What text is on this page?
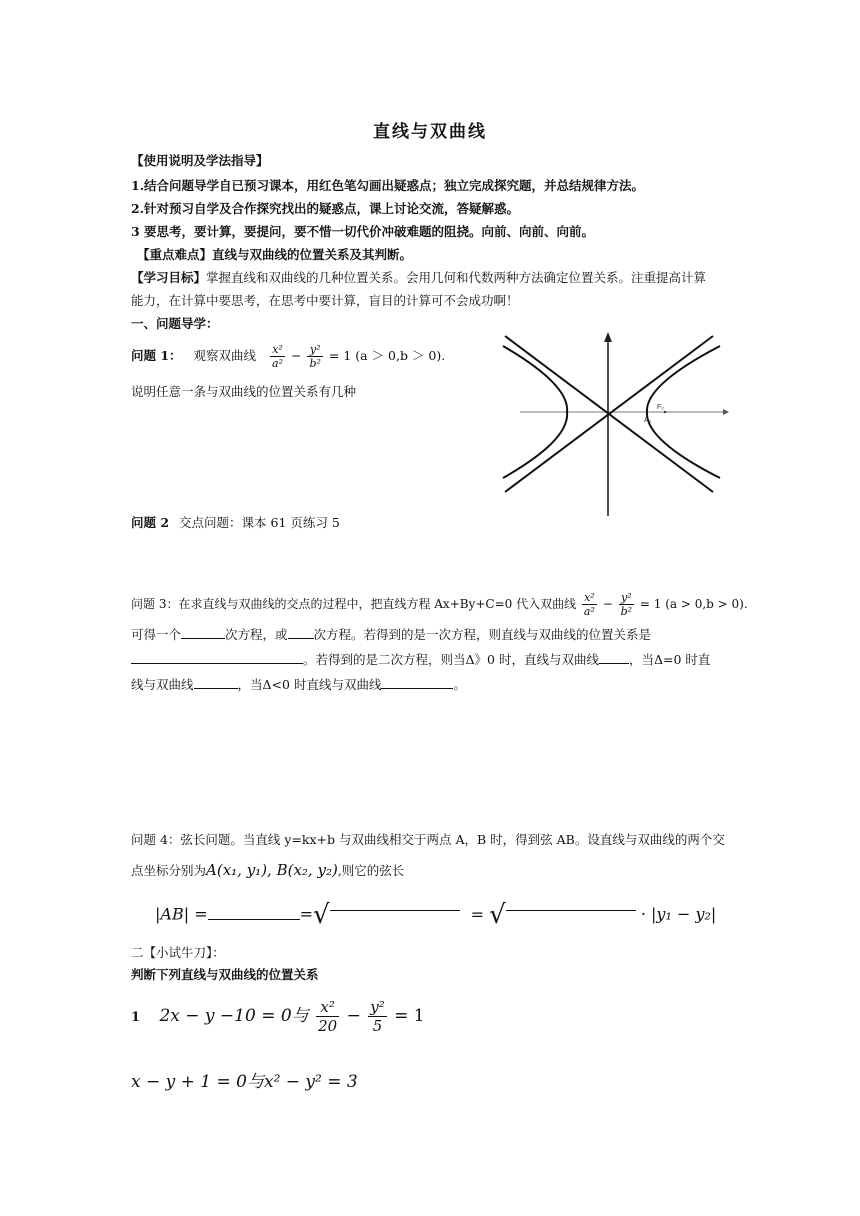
直线与双曲线
【使用说明及学法指导】
1.结合问题导学自已预习课本，用红色笔勾画出疑惑点；独立完成探究题，并总结规律方法。
2.针对预习自学及合作探究找出的疑惑点，课上讨论交流，答疑解惑。
3 要思考，要计算，要提问，要不惜一切代价冲破难题的阻挠。向前、向前、向前。
【重点难点】直线与双曲线的位置关系及其判断。
【学习目标】掌握直线和双曲线的几种位置关系。会用几何和代数两种方法确定位置关系。注重提高计算
能力，在计算中要思考，在思考中要计算，盲目的计算可不会成功啊！
一、问题导学：
问题 1： 观察双曲线 $\frac{\text{x²}}{\text{a²}} - \frac{\text{y²}}{\text{b²}} = 1$ (a ＞ 0,b ＞ 0).
说明任意一条与双曲线的位置关系有几种
F₂
A₂
问题 2 交点问题：课本 61 页练习 5
问题 3：在求直线与双曲线的交点的过程中，把直线方程 Ax+By+C=0 代入双曲线 $\frac{\text{x²}}{\text{a²}} - \frac{\text{y²}}{\text{b²}} = 1$ (a > 0,b > 0).
可得一个	次方程，或 次方程。若得到的是一次方程，则直线与双曲线的位置关系是
。若得到的是二次方程，则当Δ》0 时，直线与双曲线 ，当Δ=0 时直
线与双曲线	，当Δ<0 时直线与双曲线	。
问题 4：弦长问题。当直线 y=kx+b 与双曲线相交于两点 A，B 时，得到弦 AB。设直线与双曲线的两个交
点坐标分别为A(x₁, y₁), B(x₂, y₂),则它的弦长
|AB| =	=√	= √	· |y₁ − y₂|
二【小试牛刀】：
判断下列直线与双曲线的位置关系
1 2x − y −10 = 0与 $\frac{\text{x²}}{20} - \frac{\text{y²}}{5} = 1$
x − y + 1 = 0与x² − y² = 3
